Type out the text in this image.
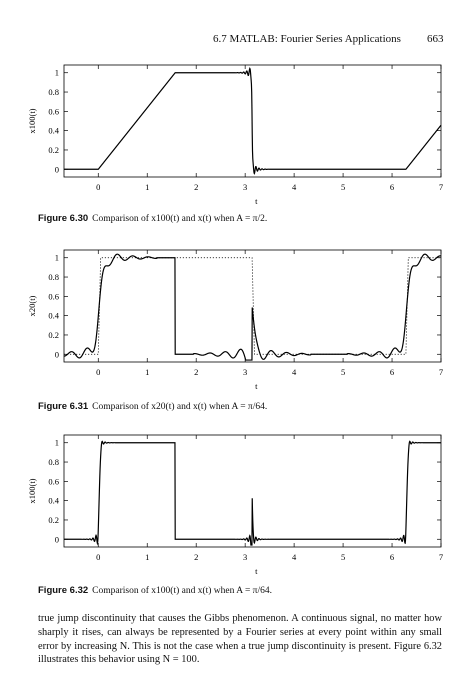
6.7 MATLAB: Fourier Series Applications 663
0	1	2	3	4	5	6	7
0
0.2
0.4
0.6
0.8
1
t
x100(t)
Figure 6.30 Comparison of x100(t) and x(t) when A = π/2.
0	1	2	3	4	5	6	7
0
0.2
0.4
0.6
0.8
1
t
x20(t)
Figure 6.31 Comparison of x20(t) and x(t) when A = π/64.
0	1	2	3	4	5	6	7
0
0.2
0.4
0.6
0.8
1
t
x100(t)
Figure 6.32 Comparison of x100(t) and x(t) when A = π/64.
true jump discontinuity that causes the Gibbs phenomenon. A continuous signal, no matter how sharply it rises, can always be represented by a Fourier series at every point within any small error by increasing N. This is not the case when a true jump discontinuity is present. Figure 6.32 illustrates this behavior using N = 100.
